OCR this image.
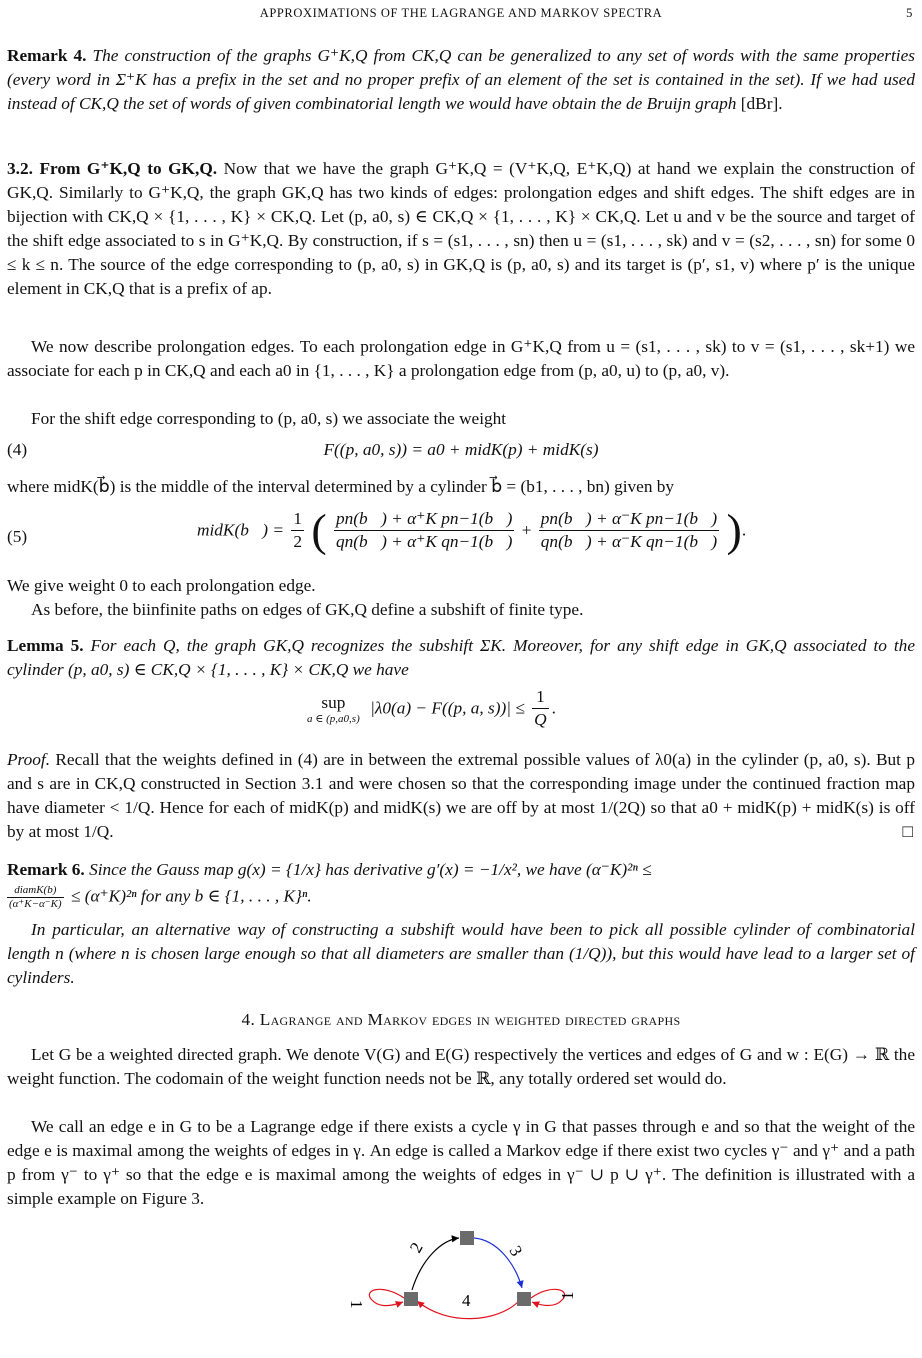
APPROXIMATIONS OF THE LAGRANGE AND MARKOV SPECTRA	5
Remark 4. The construction of the graphs G⁺K,Q from CK,Q can be generalized to any set of words with the same properties (every word in Σ⁺K has a prefix in the set and no proper prefix of an element of the set is contained in the set). If we had used instead of CK,Q the set of words of given combinatorial length we would have obtain the de Bruijn graph [dBr].
3.2. From G⁺K,Q to GK,Q. Now that we have the graph G⁺K,Q = (V⁺K,Q, E⁺K,Q) at hand we explain the construction of GK,Q. Similarly to G⁺K,Q, the graph GK,Q has two kinds of edges: prolongation edges and shift edges. The shift edges are in bijection with CK,Q × {1, . . . , K} × CK,Q. Let (p, a0, s) ∈ CK,Q × {1, . . . , K} × CK,Q. Let u and v be the source and target of the shift edge associated to s in G⁺K,Q. By construction, if s = (s1, . . . , sn) then u = (s1, . . . , sk) and v = (s2, . . . , sn) for some 0 ≤ k ≤ n. The source of the edge corresponding to (p, a0, s) in GK,Q is (p, a0, s) and its target is (p′, s1, v) where p′ is the unique element in CK,Q that is a prefix of ap.
We now describe prolongation edges. To each prolongation edge in G⁺K,Q from u = (s1, . . . , sk) to v = (s1, . . . , sk+1) we associate for each p in CK,Q and each a0 in {1, . . . , K} a prolongation edge from (p, a0, u) to (p, a0, v).
For the shift edge corresponding to (p, a0, s) we associate the weight
(4)	F((p, a0, s)) = a0 + midK(p) + midK(s)
where midK(b⃗) is the middle of the interval determined by a cylinder b⃗ = (b1, . . . , bn) given by
(5)	midK(b⃗) = $\frac{1}{2}$ ( $\frac{\text{pn(b⃗) + α⁺K pn−1(b⃗)}}{\text{qn(b⃗) + α⁺K qn−1(b⃗)}} + \frac{\text{pn(b⃗) + α⁻K pn−1(b⃗)}}{\text{qn(b⃗) + α⁻K qn−1(b⃗)}}$ ).
We give weight 0 to each prolongation edge.
As before, the biinfinite paths on edges of GK,Q define a subshift of finite type.
Lemma 5. For each Q, the graph GK,Q recognizes the subshift ΣK. Moreover, for any shift edge in GK,Q associated to the cylinder (p, a0, s) ∈ CK,Q × {1, . . . , K} × CK,Q we have
sup
a ∈ (p,a0,s)
|λ0(a) − F((p, a, $s))| \le \frac{1}{Q}$ .
Proof. Recall that the weights defined in (4) are in between the extremal possible values of λ0(a) in the cylinder (p, a0, s). But p and s are in CK,Q constructed in Section 3.1 and were chosen so that the corresponding image under the continued fraction map have diameter < 1/Q. Hence for each of midK(p) and midK(s) we are off by at most 1/(2Q) so that a0 + midK(p) + midK(s) is off by at most 1/Q.	□
Remark 6. Since the Gauss map g(x) = {1/x} has derivative g′(x) = −1/x², we have (α⁻K)²ⁿ ≤
$\frac{\text{diamK(b)}}{(\alpha^+K-\alpha^-K)} \le (\alpha^+K)^{2n}$ for any b ∈ {1, . . . , K}ⁿ.
In particular, an alternative way of constructing a subshift would have been to pick all possible cylinder of combinatorial length n (where n is chosen large enough so that all diameters are smaller than (1/Q)), but this would have lead to a larger set of cylinders.
4. Lagrange and Markov edges in weighted directed graphs
Let G be a weighted directed graph. We denote V(G) and E(G) respectively the vertices and edges of G and w : E(G) → ℝ the weight function. The codomain of the weight function needs not be ℝ, any totally ordered set would do.
We call an edge e in G to be a Lagrange edge if there exists a cycle γ in G that passes through e and so that the weight of the edge e is maximal among the weights of edges in γ. An edge is called a Markov edge if there exist two cycles γ⁻ and γ⁺ and a path p from γ⁻ to γ⁺ so that the edge e is maximal among the weights of edges in γ⁻ ∪ p ∪ γ⁺. The definition is illustrated with a simple example on Figure 3.
2	3
4
1
1
